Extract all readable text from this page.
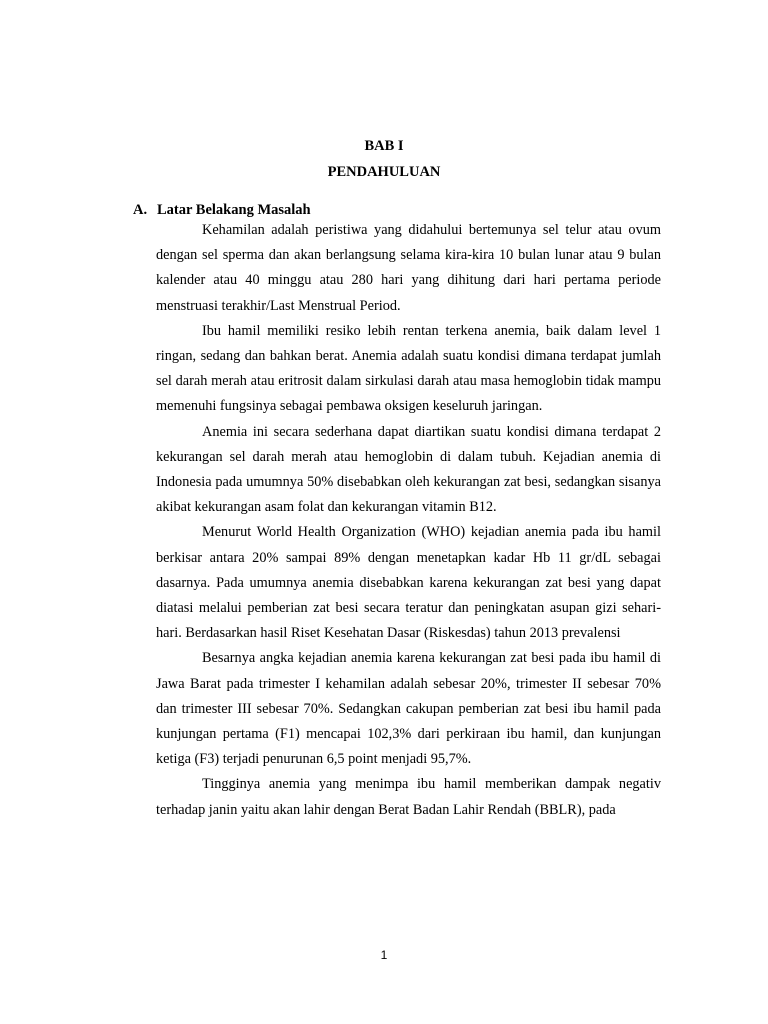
BAB I
PENDAHULUAN
A. Latar Belakang Masalah

Kehamilan adalah peristiwa yang didahului bertemunya sel telur atau ovum dengan sel sperma dan akan berlangsung selama kira-kira 10 bulan lunar atau 9 bulan kalender atau 40 minggu atau 280 hari yang dihitung dari hari pertama periode menstruasi terakhir/Last Menstrual Period.

Ibu hamil memiliki resiko lebih rentan terkena anemia, baik dalam level 1 ringan, sedang dan bahkan berat. Anemia adalah suatu kondisi dimana terdapat jumlah sel darah merah atau eritrosit dalam sirkulasi darah atau masa hemoglobin tidak mampu memenuhi fungsinya sebagai pembawa oksigen keseluruh jaringan.

Anemia ini secara sederhana dapat diartikan suatu kondisi dimana terdapat 2 kekurangan sel darah merah atau hemoglobin di dalam tubuh. Kejadian anemia di Indonesia pada umumnya 50% disebabkan oleh kekurangan zat besi, sedangkan sisanya akibat kekurangan asam folat dan kekurangan vitamin B12.

Menurut World Health Organization (WHO) kejadian anemia pada ibu hamil berkisar antara 20% sampai 89% dengan menetapkan kadar Hb 11 gr/dL sebagai dasarnya. Pada umumnya anemia disebabkan karena kekurangan zat besi yang dapat diatasi melalui pemberian zat besi secara teratur dan peningkatan asupan gizi sehari-hari. Berdasarkan hasil Riset Kesehatan Dasar (Riskesdas) tahun 2013 prevalensi

Besarnya angka kejadian anemia karena kekurangan zat besi pada ibu hamil di Jawa Barat pada trimester I kehamilan adalah sebesar 20%, trimester II sebesar 70% dan trimester III sebesar 70%. Sedangkan cakupan pemberian zat besi ibu hamil pada kunjungan pertama (F1) mencapai 102,3% dari perkiraan ibu hamil, dan kunjungan ketiga (F3) terjadi penurunan 6,5 point menjadi 95,7%.

Tingginya anemia yang menimpa ibu hamil memberikan dampak negativ terhadap janin yaitu akan lahir dengan Berat Badan Lahir Rendah (BBLR), pada

1
